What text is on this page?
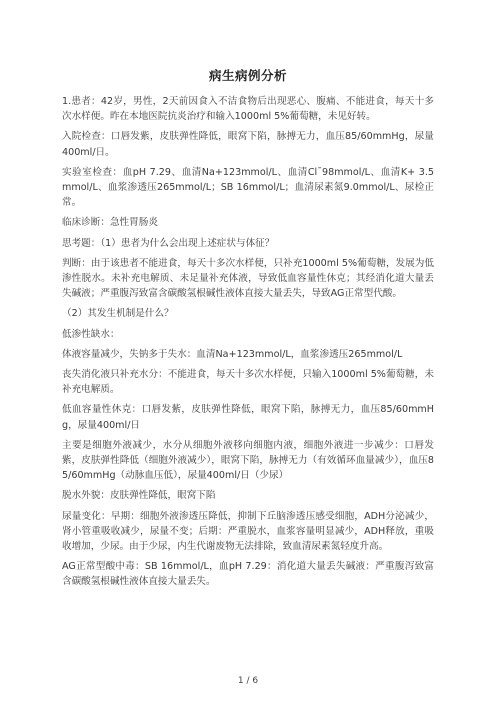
病生病例分析

1.患者：42岁，男性，2天前因食入不洁食物后出现恶心、腹痛、不能进食，每天十多次水样便。昨在本地医院抗炎治疗和输入1000ml 5%葡萄糖，未见好转。

入院检查：口唇发紫，皮肤弹性降低，眼窝下陷，脉搏无力，血压85/60mmHg，尿量400ml/日。

实验室检查：血pH 7.29、血清Na+123mmol/L、血清Cl¯98mmol/L、血清K+ 3.5 mmol/L、血浆渗透压265mmol/L；SB 16mmol/L；血清尿素氮9.0mmol/L、尿检正常。

临床诊断：急性胃肠炎

思考题：（1）患者为什么会出现上述症状与体征？

判断：由于该患者不能进食，每天十多次水样便，只补充1000ml 5%葡萄糖，发展为低渗性脱水。未补充电解质、未足量补充体液，导致低血容量性休克；其经消化道大量丢失碱液；严重腹泻致富含碳酸氢根碱性液体直接大量丢失，导致AG正常型代酸。

（2）其发生机制是什么？

低渗性缺水：

体液容量减少，失钠多于失水：血清Na+123mmol/L，血浆渗透压265mmol/L

丧失消化液只补充水分：不能进食，每天十多次水样便，只输入1000ml 5%葡萄糖，未补充电解质。

低血容量性休克：口唇发紫，皮肤弹性降低，眼窝下陷，脉搏无力，血压85/60mmHg，尿量400ml/日

主要是细胞外液减少，水分从细胞外液移向细胞内液，细胞外液进一步减少：口唇发紫，皮肤弹性降低（细胞外液减少），眼窝下陷，脉搏无力（有效循环血量减少），血压85/60mmHg（动脉血压低），尿量400ml/日（少尿）

脱水外貌：皮肤弹性降低，眼窝下陷

尿量变化：早期：细胞外液渗透压降低，抑制下丘脑渗透压感受细胞，ADH分泌减少，肾小管重吸收减少，尿量不变；后期：严重脱水，血浆容量明显减少，ADH释放，重吸收增加，少尿。由于少尿，内生代谢废物无法排除，致血清尿素氮轻度升高。

AG正常型酸中毒：SB 16mmol/L，血pH 7.29：消化道大量丢失碱液：严重腹泻致富含碳酸氢根碱性液体直接大量丢失。

1 / 6
